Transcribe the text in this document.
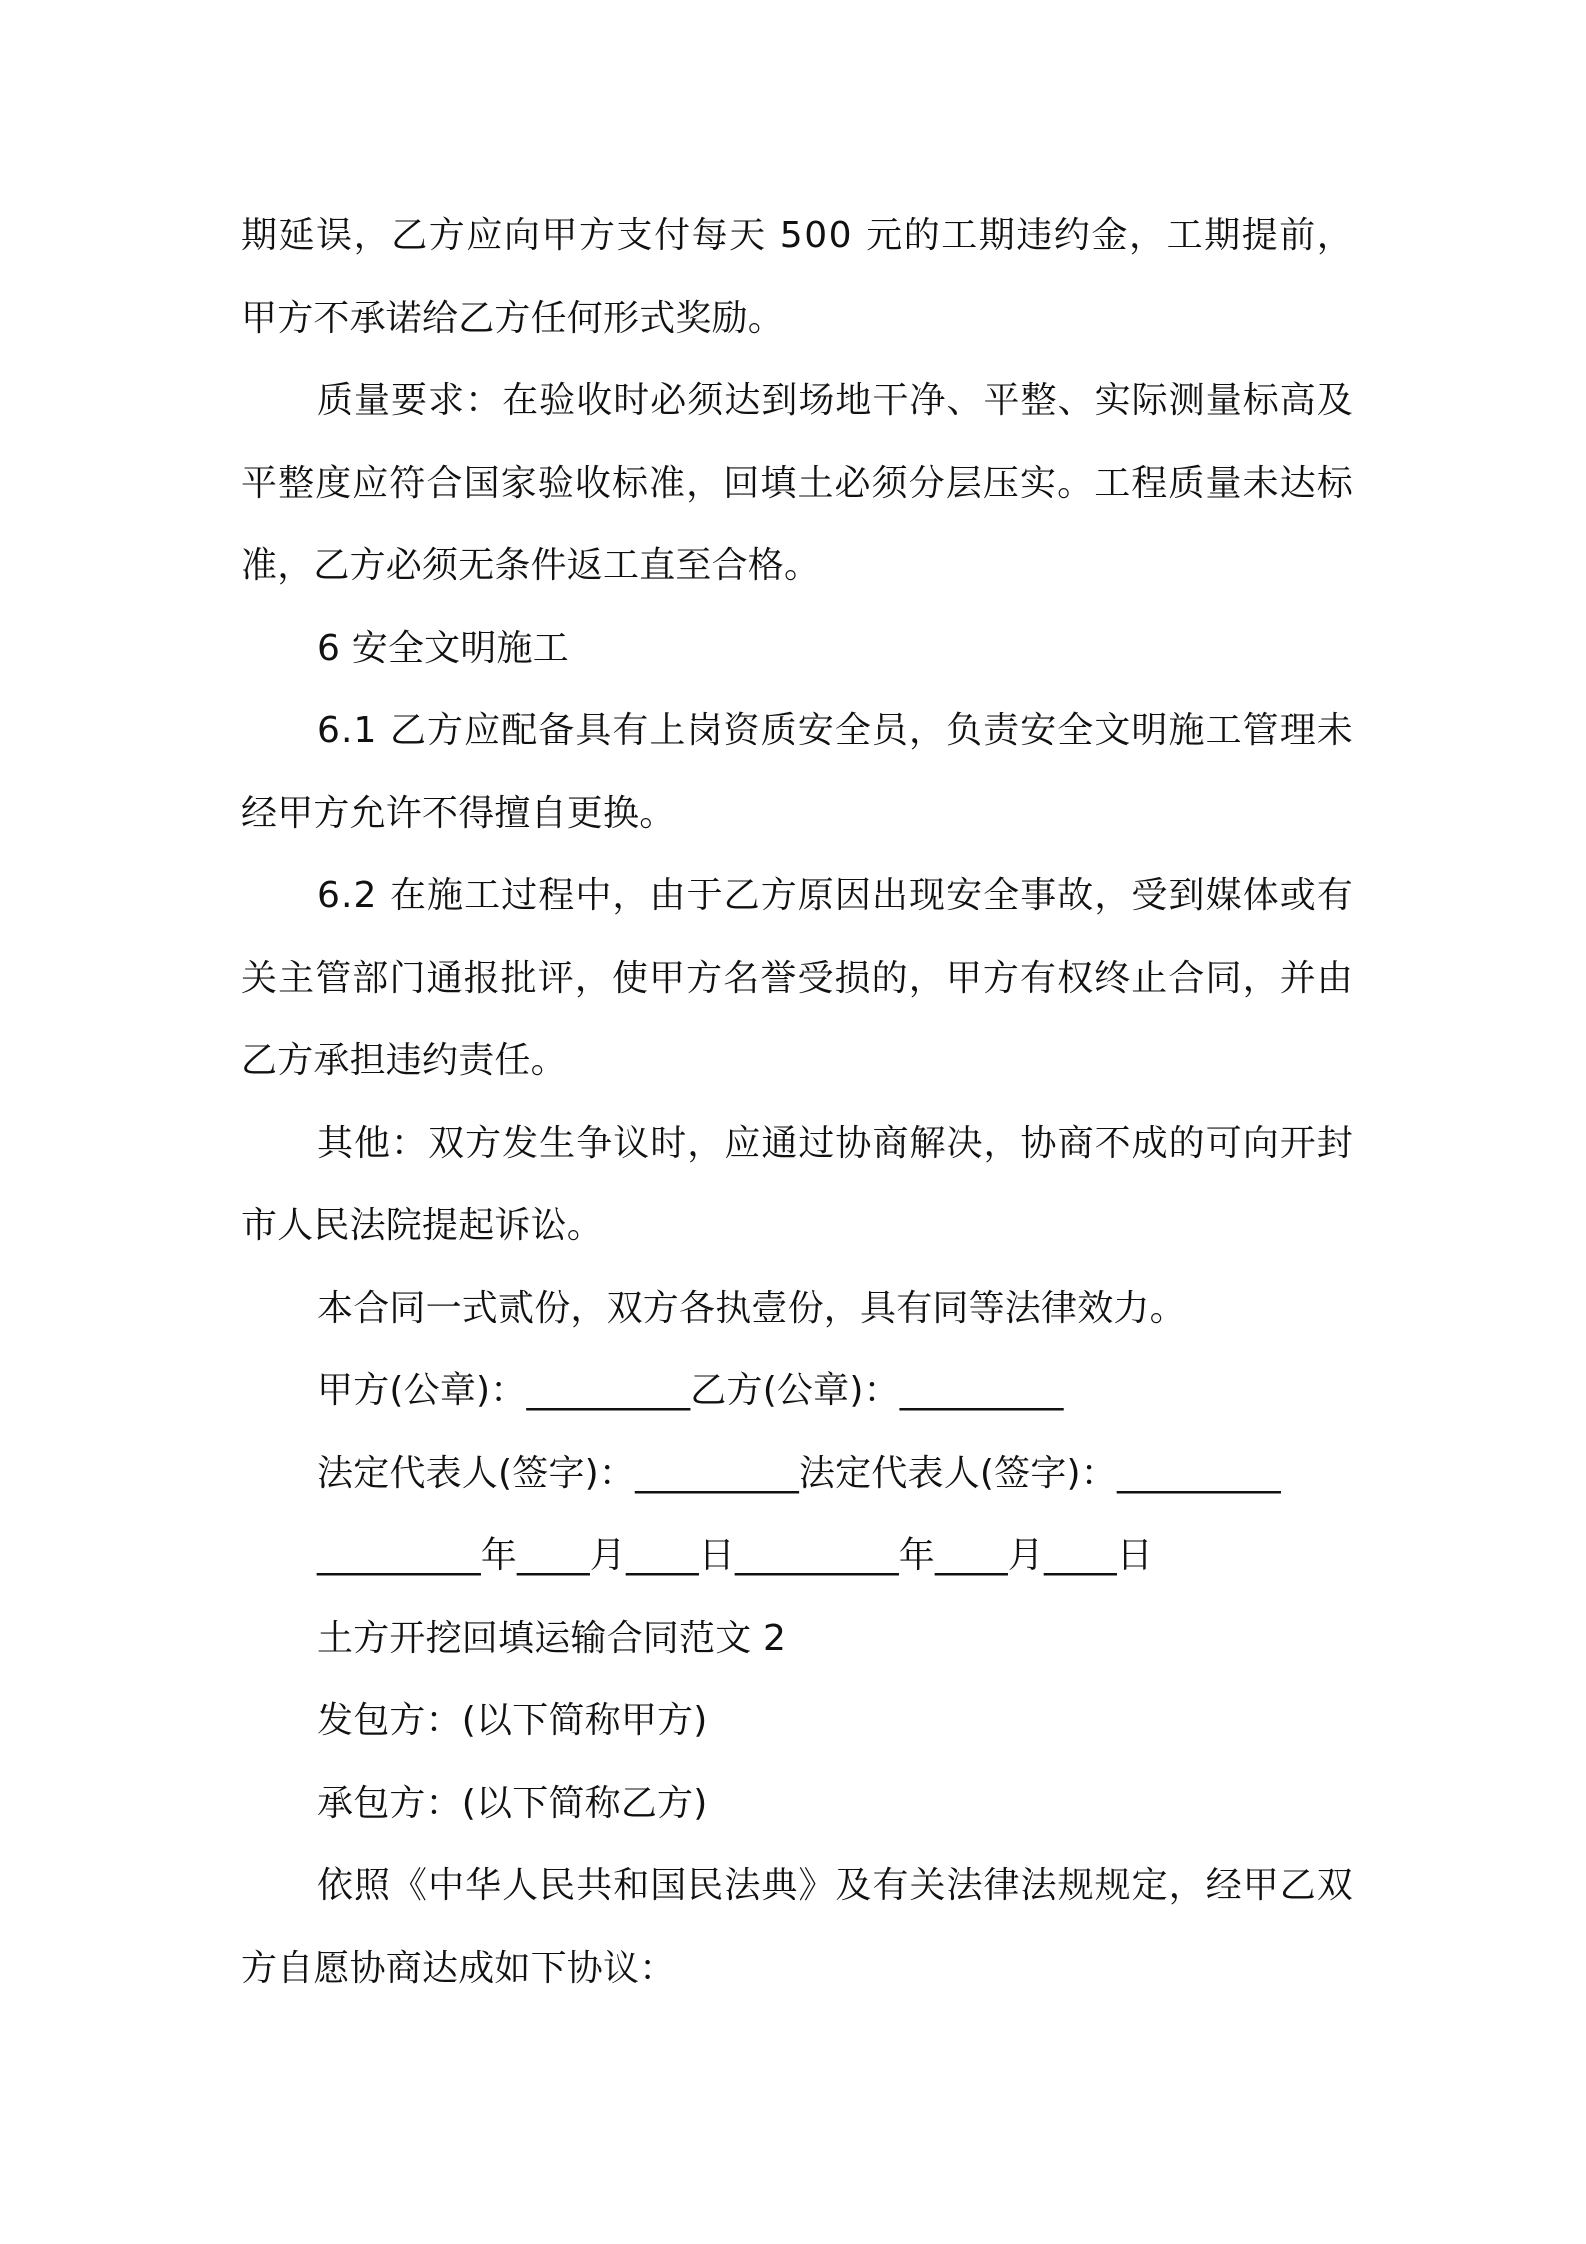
期延误，乙方应向甲方支付每天 500 元的工期违约金，工期提前，
甲方不承诺给乙方任何形式奖励。
质量要求：在验收时必须达到场地干净、平整、实际测量标高及
平整度应符合国家验收标准，回填土必须分层压实。工程质量未达标
准，乙方必须无条件返工直至合格。
6 安全文明施工
6.1 乙方应配备具有上岗资质安全员，负责安全文明施工管理未
经甲方允许不得擅自更换。
6.2 在施工过程中，由于乙方原因出现安全事故，受到媒体或有
关主管部门通报批评，使甲方名誉受损的，甲方有权终止合同，并由
乙方承担违约责任。
其他：双方发生争议时，应通过协商解决，协商不成的可向开封
市人民法院提起诉讼。
本合同一式贰份，双方各执壹份，具有同等法律效力。
甲方(公章)：_________乙方(公章)：_________
法定代表人(签字)：_________法定代表人(签字)：_________
_________年____月____日_________年____月____日
土方开挖回填运输合同范文 2
发包方：(以下简称甲方)
承包方：(以下简称乙方)
依照《中华人民共和国民法典》及有关法律法规规定，经甲乙双
方自愿协商达成如下协议：
